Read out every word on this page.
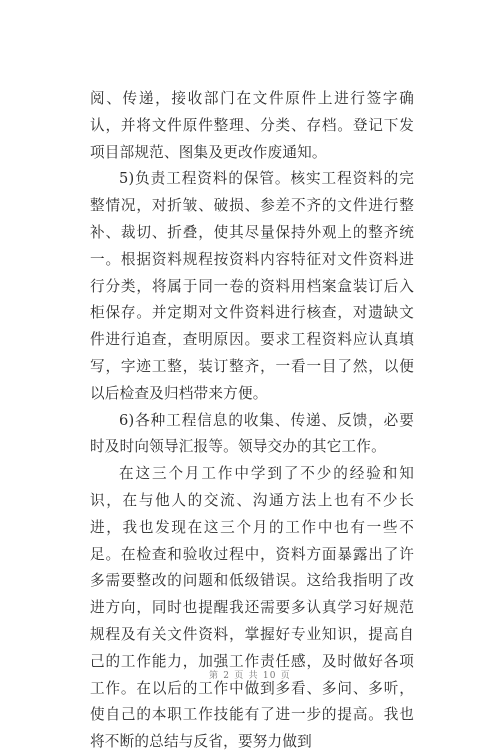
阅、传递，接收部门在文件原件上进行签字确认，并将文件原件整理、分类、存档。登记下发项目部规范、图集及更改作废通知。

5)负责工程资料的保管。核实工程资料的完整情况，对折皱、破损、参差不齐的文件进行整补、裁切、折叠，使其尽量保持外观上的整齐统一。根据资料规程按资料内容特征对文件资料进行分类，将属于同一卷的资料用档案盒装订后入柜保存。并定期对文件资料进行核查，对遗缺文件进行追查，查明原因。要求工程资料应认真填写，字迹工整，装订整齐，一看一目了然，以便以后检查及归档带来方便。

6)各种工程信息的收集、传递、反馈，必要时及时向领导汇报等。领导交办的其它工作。

在这三个月工作中学到了不少的经验和知识，在与他人的交流、沟通方法上也有不少长进，我也发现在这三个月的工作中也有一些不足。在检查和验收过程中，资料方面暴露出了许多需要整改的问题和低级错误。这给我指明了改进方向，同时也提醒我还需要多认真学习好规范规程及有关文件资料，掌握好专业知识，提高自己的工作能力，加强工作责任感，及时做好各项工作。在以后的工作中做到多看、多问、多听，使自己的本职工作技能有了进一步的提高。我也将不断的总结与反省，要努力做到

第 2 页 共 10 页
